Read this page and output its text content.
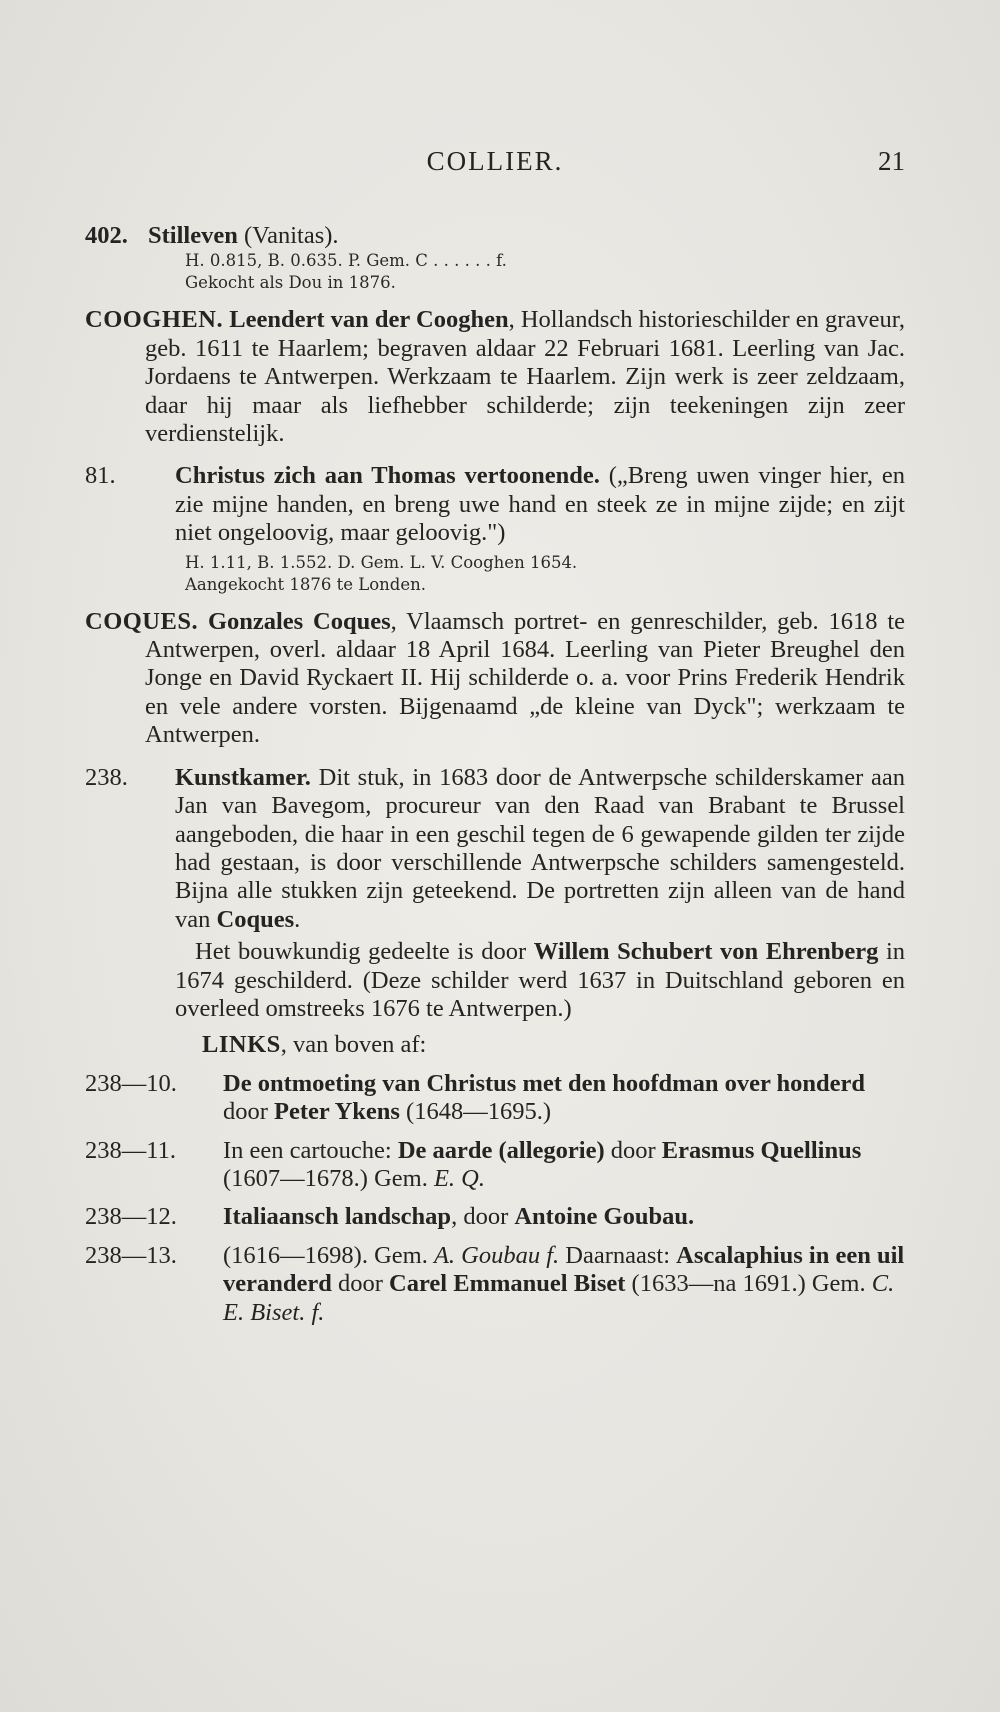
COLLIER.	21
402. Stilleven (Vanitas).
H. 0.815, B. 0.635. P. Gem. C . . . . . . f.
Gekocht als Dou in 1876.

COOGHEN. Leendert van der Cooghen, Hollandsch historieschilder en graveur, geb. 1611 te Haarlem; begraven aldaar 22 Februari 1681. Leerling van Jac. Jordaens te Antwerpen. Werkzaam te Haarlem. Zijn werk is zeer zeldzaam, daar hij maar als liefhebber schilderde; zijn teekeningen zijn zeer verdienstelijk.

81. Christus zich aan Thomas vertoonende. („Breng uwen vinger hier, en zie mijne handen, en breng uwe hand en steek ze in mijne zijde; en zijt niet ongeloovig, maar geloovig.")
H. 1.11, B. 1.552. D. Gem. L. V. Cooghen 1654.
Aangekocht 1876 te Londen.

COQUES. Gonzales Coques, Vlaamsch portret- en genreschilder, geb. 1618 te Antwerpen, overl. aldaar 18 April 1684. Leerling van Pieter Breughel den Jonge en David Ryckaert II. Hij schilderde o. a. voor Prins Frederik Hendrik en vele andere vorsten. Bijgenaamd „de kleine van Dyck"; werkzaam te Antwerpen.

238. Kunstkamer. Dit stuk, in 1683 door de Antwerpsche schilderskamer aan Jan van Bavegom, procureur van den Raad van Brabant te Brussel aangeboden, die haar in een geschil tegen de 6 gewapende gilden ter zijde had gestaan, is door verschillende Antwerpsche schilders samengesteld. Bijna alle stukken zijn geteekend. De portretten zijn alleen van de hand van Coques.

Het bouwkundig gedeelte is door Willem Schubert von Ehrenberg in 1674 geschilderd. (Deze schilder werd 1637 in Duitschland geboren en overleed omstreeks 1676 te Antwerpen.)

LINKS, van boven af:
238—10. De ontmoeting van Christus met den hoofdman over honderd door Peter Ykens (1648—1695.)
238—11. In een cartouche: De aarde (allegorie) door Erasmus Quellinus (1607—1678.) Gem. E. Q.
238—12. Italiaansch landschap, door Antoine Goubau.
238—13. (1616—1698). Gem. A. Goubau f. Daarnaast: Ascalaphius in een uil veranderd door Carel Emmanuel Biset (1633—na 1691.) Gem. C. E. Biset. f.
